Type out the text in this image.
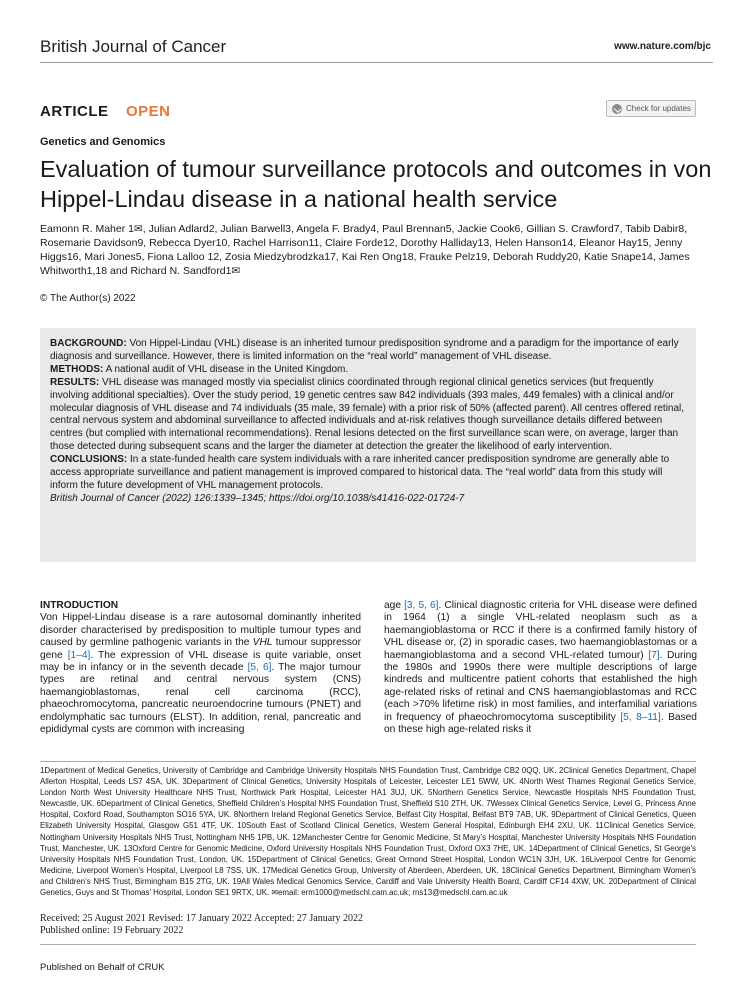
British Journal of Cancer	www.nature.com/bjc
ARTICLE OPEN	Check for updates
Genetics and Genomics
Evaluation of tumour surveillance protocols and outcomes in von Hippel-Lindau disease in a national health service
Eamonn R. Maher 1✉, Julian Adlard2, Julian Barwell3, Angela F. Brady4, Paul Brennan5, Jackie Cook6, Gillian S. Crawford7, Tabib Dabir8, Rosemarie Davidson9, Rebecca Dyer10, Rachel Harrison11, Claire Forde12, Dorothy Halliday13, Helen Hanson14, Eleanor Hay15, Jenny Higgs16, Mari Jones5, Fiona Lalloo 12, Zosia Miedzybrodzka17, Kai Ren Ong18, Frauke Pelz19, Deborah Ruddy20, Katie Snape14, James Whitworth1,18 and Richard N. Sandford1✉
© The Author(s) 2022

BACKGROUND: Von Hippel-Lindau (VHL) disease is an inherited tumour predisposition syndrome and a paradigm for the importance of early diagnosis and surveillance. However, there is limited information on the “real world” management of VHL disease.

METHODS: A national audit of VHL disease in the United Kingdom.

RESULTS: VHL disease was managed mostly via specialist clinics coordinated through regional clinical genetics services (but frequently involving additional specialties). Over the study period, 19 genetic centres saw 842 individuals (393 males, 449 females) with a clinical and/or molecular diagnosis of VHL disease and 74 individuals (35 male, 39 female) with a prior risk of 50% (affected parent). All centres offered retinal, central nervous system and abdominal surveillance to affected individuals and at-risk relatives though surveillance details differed between centres (but complied with international recommendations). Renal lesions detected on the first surveillance scan were, on average, larger than those detected during subsequent scans and the larger the diameter at detection the greater the likelihood of early intervention.

CONCLUSIONS: In a state-funded health care system individuals with a rare inherited cancer predisposition syndrome are generally able to access appropriate surveillance and patient management is improved compared to historical data. The “real world” data from this study will inform the future development of VHL management protocols.

British Journal of Cancer (2022) 126:1339–1345; https://doi.org/10.1038/s41416-022-01724-7

INTRODUCTION

Von Hippel-Lindau disease is a rare autosomal dominantly inherited disorder characterised by predisposition to multiple tumour types and caused by germline pathogenic variants in the VHL tumour suppressor gene [1–4]. The expression of VHL disease is quite variable, onset may be in infancy or in the seventh decade [5, 6]. The major tumour types are retinal and central nervous system (CNS) haemangioblastomas, renal cell carcinoma (RCC), phaeochromocytoma, pancreatic neuroendocrine tumours (PNET) and endolymphatic sac tumours (ELST). In addition, renal, pancreatic and epididymal cysts are common with increasing

age [3, 5, 6]. Clinical diagnostic criteria for VHL disease were defined in 1964 (1) a single VHL-related neoplasm such as a haemangioblastoma or RCC if there is a confirmed family history of VHL disease or, (2) in sporadic cases, two haemangioblastomas or a haemangioblastoma and a second VHL-related tumour) [7]. During the 1980s and 1990s there were multiple descriptions of large kindreds and multicentre patient cohorts that established the high age-related risks of retinal and CNS haemangioblastomas and RCC (each >70% lifetime risk) in most families, and interfamilial variations in frequency of phaeochromocytoma susceptibility [5, 8–11]. Based on these high age-related risks it

1Department of Medical Genetics, University of Cambridge and Cambridge University Hospitals NHS Foundation Trust, Cambridge CB2 0QQ, UK. 2Clinical Genetics Department, Chapel Allerton Hospital, Leeds LS7 4SA, UK. 3Department of Clinical Genetics, University Hospitals of Leicester, Leicester LE1 5WW, UK. 4North West Thames Regional Genetics Service, London North West University Healthcare NHS Trust, Northwick Park Hospital, Leicester HA1 3UJ, UK. 5Northern Genetics Service, Newcastle Hospitals NHS Foundation Trust, Newcastle, UK. 6Department of Clinical Genetics, Sheffield Children’s Hospital NHS Foundation Trust, Sheffield S10 2TH, UK. 7Wessex Clinical Genetics Service, Level G, Princess Anne Hospital, Coxford Road, Southampton SO16 5YA, UK. 8Northern Ireland Regional Genetics Service, Belfast City Hospital, Belfast BT9 7AB, UK. 9Department of Clinical Genetics, Queen Elizabeth University Hospital, Glasgow G51 4TF, UK. 10South East of Scotland Clinical Genetics, Western General Hospital, Edinburgh EH4 2XU, UK. 11Clinical Genetics Service, Nottingham University Hospitals NHS Trust, Nottingham NH5 1PB, UK. 12Manchester Centre for Genomic Medicine, St Mary’s Hospital, Manchester University Hospitals NHS Foundation Trust, Manchester, UK. 13Oxford Centre for Genomic Medicine, Oxford University Hospitals NHS Foundation Trust, Oxford OX3 7HE, UK. 14Department of Clinical Genetics, St George’s University Hospitals NHS Foundation Trust, London, UK. 15Department of Clinical Genetics, Great Ormond Street Hospital, London WC1N 3JH, UK. 16Liverpool Centre for Genomic Medicine, Liverpool Women’s Hospital, Liverpool L8 7SS, UK. 17Medical Genetics Group, University of Aberdeen, Aberdeen, UK. 18Clinical Genetics Department, Birmingham Women’s and Children’s NHS Trust, Birmingham B15 2TG, UK. 19All Wales Medical Genomics Service, Cardiff and Vale University Health Board, Cardiff CF14 4XW, UK. 20Department of Clinical Genetics, Guys and St Thomas’ Hospital, London SE1 9RTX, UK. ✉email: erm1000@medschl.cam.ac.uk; rns13@medschl.cam.ac.uk
Received: 25 August 2021 Revised: 17 January 2022 Accepted: 27 January 2022
Published online: 19 February 2022
Published on Behalf of CRUK
